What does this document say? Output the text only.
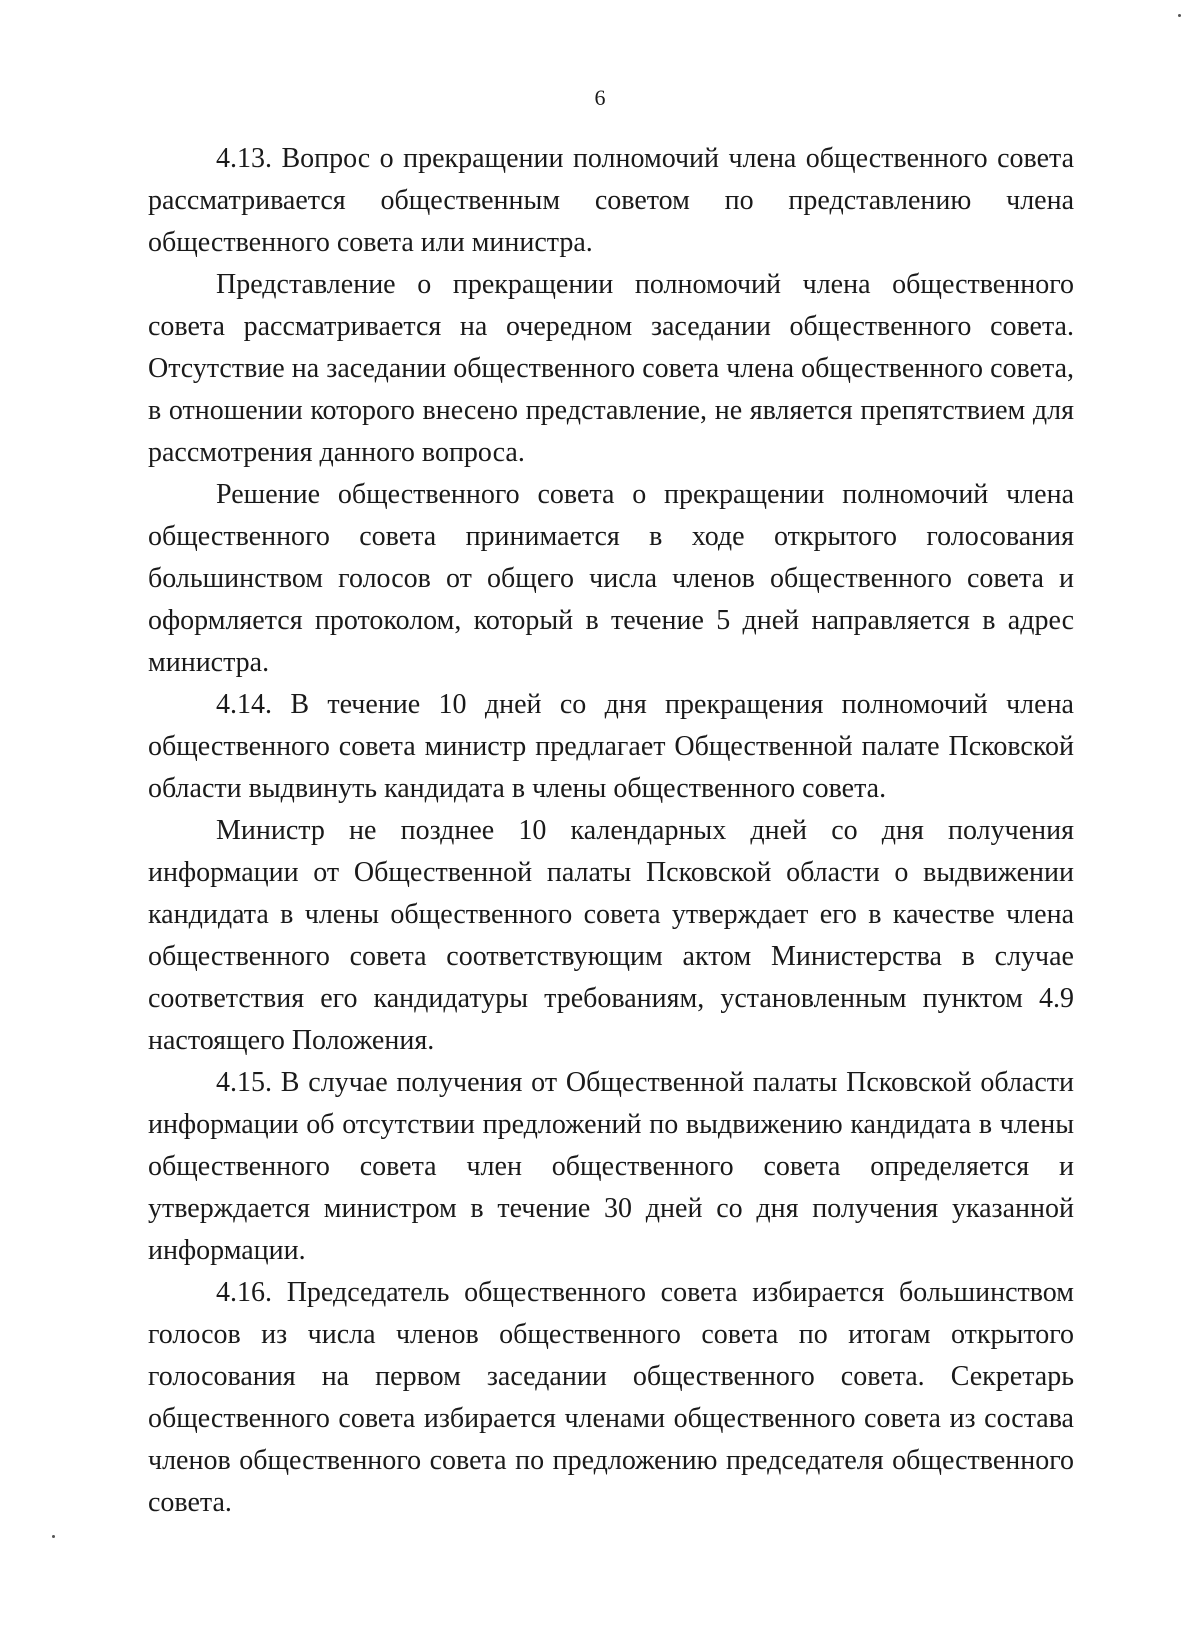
6

4.13. Вопрос о прекращении полномочий члена общественного совета рассматривается общественным советом по представлению члена общественного совета или министра.

Представление о прекращении полномочий члена общественного совета рассматривается на очередном заседании общественного совета. Отсутствие на заседании общественного совета члена общественного совета, в отношении которого внесено представление, не является препятствием для рассмотрения данного вопроса.

Решение общественного совета о прекращении полномочий члена общественного совета принимается в ходе открытого голосования большинством голосов от общего числа членов общественного совета и оформляется протоколом, который в течение 5 дней направляется в адрес министра.

4.14. В течение 10 дней со дня прекращения полномочий члена общественного совета министр предлагает Общественной палате Псковской области выдвинуть кандидата в члены общественного совета.

Министр не позднее 10 календарных дней со дня получения информации от Общественной палаты Псковской области о выдвижении кандидата в члены общественного совета утверждает его в качестве члена общественного совета соответствующим актом Министерства в случае соответствия его кандидатуры требованиям, установленным пунктом 4.9 настоящего Положения.

4.15. В случае получения от Общественной палаты Псковской области информации об отсутствии предложений по выдвижению кандидата в члены общественного совета член общественного совета определяется и утверждается министром в течение 30 дней со дня получения указанной информации.

4.16. Председатель общественного совета избирается большинством голосов из числа членов общественного совета по итогам открытого голосования на первом заседании общественного совета. Секретарь общественного совета избирается членами общественного совета из состава членов общественного совета по предложению председателя общественного совета.
